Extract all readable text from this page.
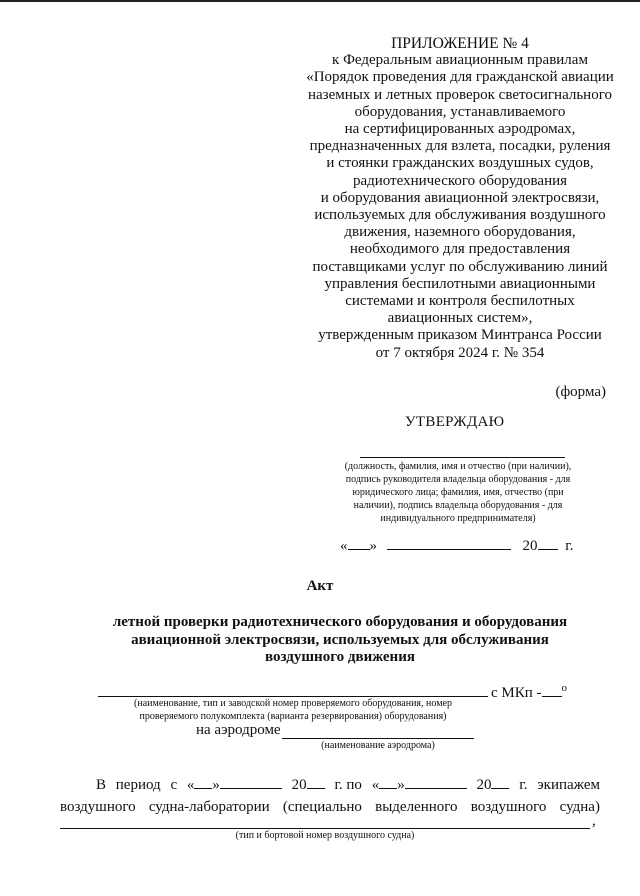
ПРИЛОЖЕНИЕ № 4
к Федеральным авиационным правилам
«Порядок проведения для гражданской авиации
наземных и летных проверок светосигнального
оборудования, устанавливаемого
на сертифицированных аэродромах,
предназначенных для взлета, посадки, руления
и стоянки гражданских воздушных судов,
радиотехнического оборудования
и оборудования авиационной электросвязи,
используемых для обслуживания воздушного
движения, наземного оборудования,
необходимого для предоставления
поставщиками услуг по обслуживанию линий
управления беспилотными авиационными
системами и контроля беспилотных
авиационных систем»,
утвержденным приказом Минтранса России
от 7 октября 2024 г. № 354
(форма)
УТВЕРЖДАЮ
(должность, фамилия, имя и отчество (при наличии),
подпись руководителя владельца оборудования - для
юридического лица; фамилия, имя, отчество (при
наличии), подпись владельца оборудования - для
индивидуального предпринимателя)
« »	20 г.
Акт
летной проверки радиотехнического оборудования и оборудования
авиационной электросвязи, используемых для обслуживания
воздушного движения
с МКп - $^о$
(наименование, тип и заводской номер проверяемого оборудования, номер
проверяемого полукомплекта (варианта резервирования) оборудования)
на аэродроме
(наименование аэродрома)
В период с « »	20	г. по « »	20	г. экипажем
воздушного судна-лаборатории (специально выделенного воздушного судна)
,
(тип и бортовой номер воздушного судна)
